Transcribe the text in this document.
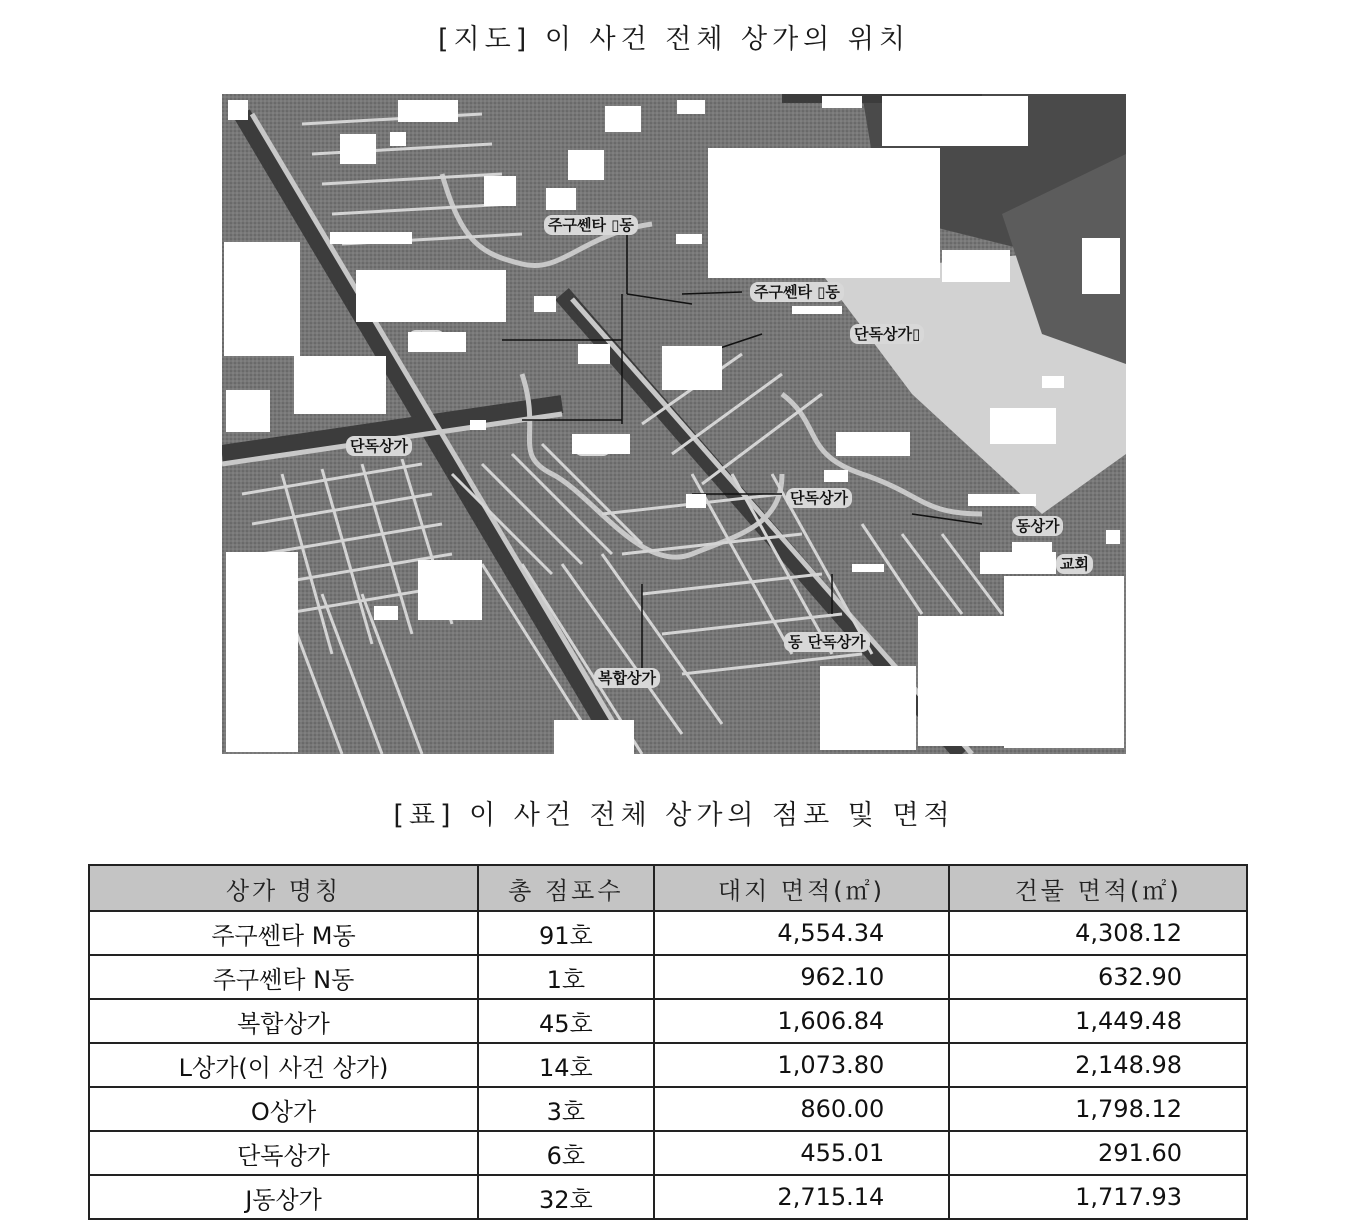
[지도] 이 사건 전체 상가의 위치
주구쎈타 ▯동
주구쎈타 ▯동
단독상가▯
단독상가
단독상가
동상가
교회
동 단독상가
복합상가
[표] 이 사건 전체 상가의 점포 및 면적
상가 명칭	총 점포수	대지 면적(㎡)	건물 면적(㎡)
주구쎈타 M동	91호	4,554.34	4,308.12
주구쎈타 N동	1호	962.10	632.90
복합상가	45호	1,606.84	1,449.48
L상가(이 사건 상가)	14호	1,073.80	2,148.98
O상가	3호	860.00	1,798.12
단독상가	6호	455.01	291.60
J동상가	32호	2,715.14	1,717.93
